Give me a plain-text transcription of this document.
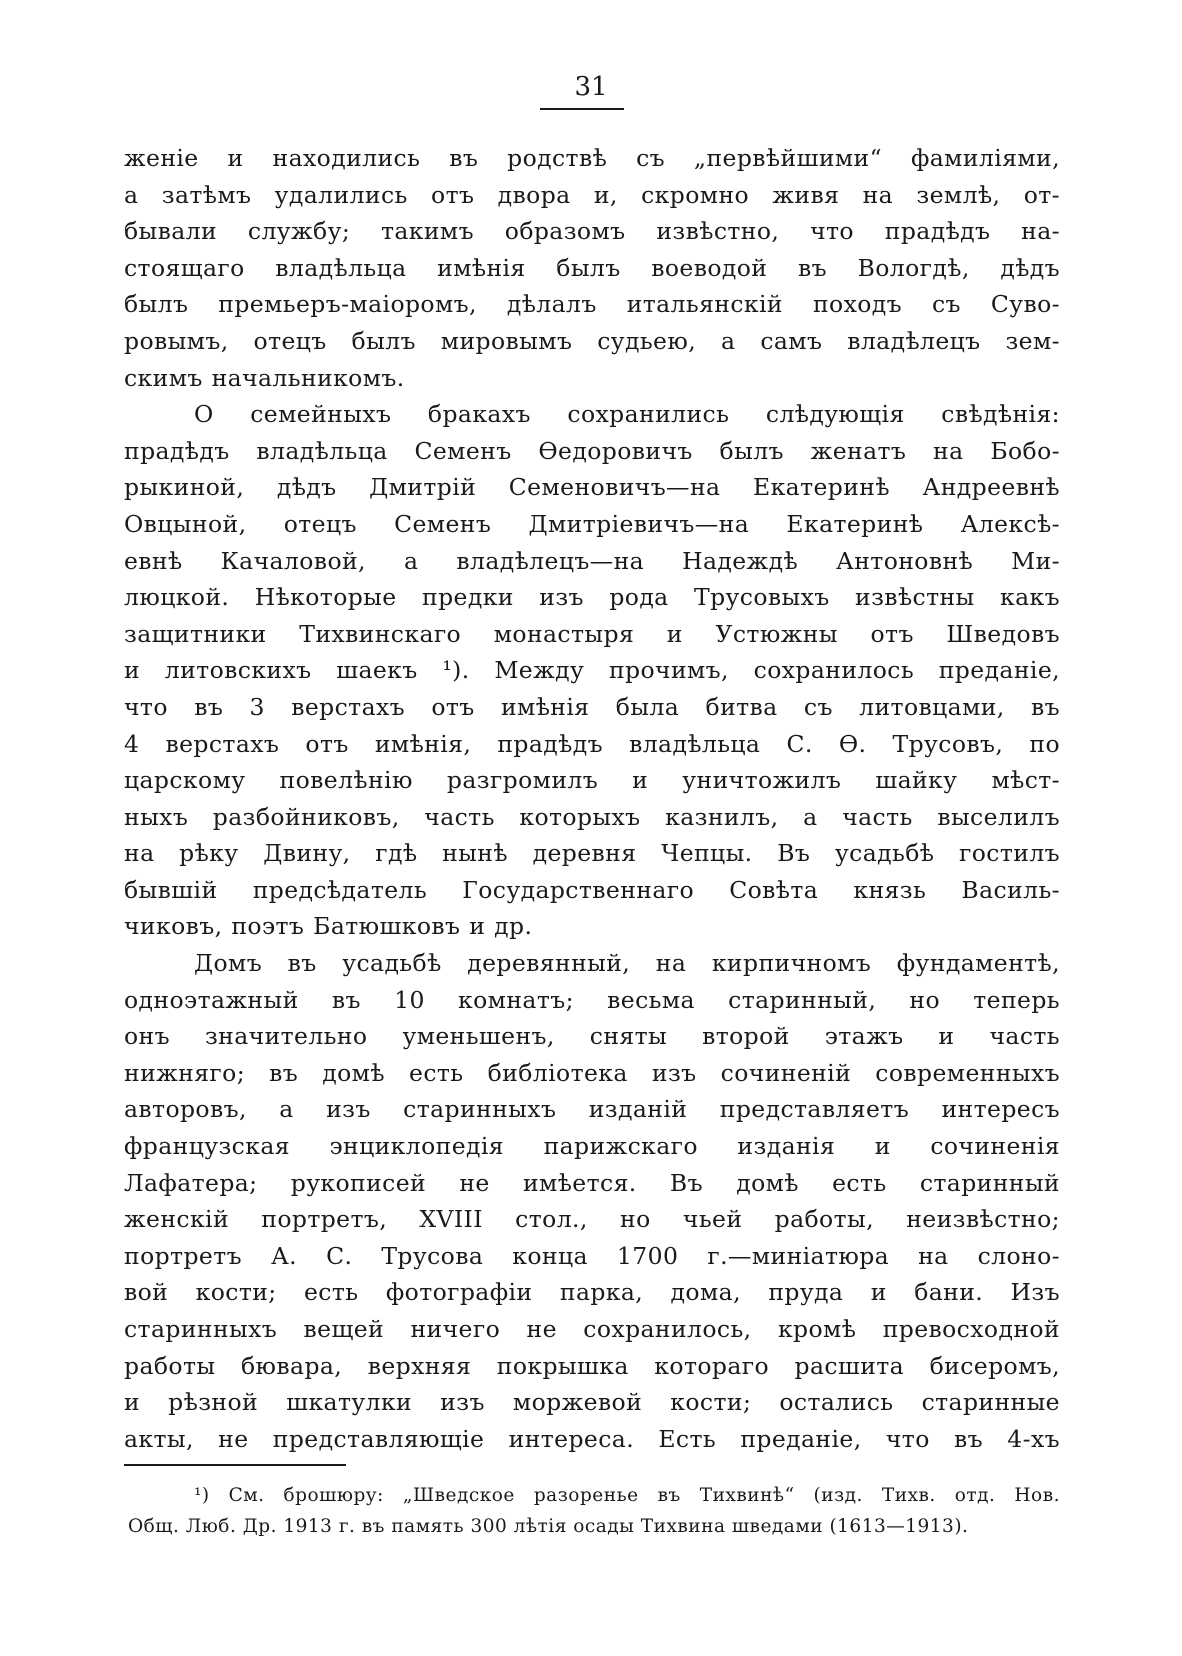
31
женіе и находились въ родствѣ съ „первѣйшими“ фамиліями,
а затѣмъ удалились отъ двора и, скромно живя на землѣ, от-
бывали службу; такимъ образомъ извѣстно, что прадѣдъ на-
стоящаго владѣльца имѣнія былъ воеводой въ Вологдѣ, дѣдъ
былъ премьеръ-маіоромъ, дѣлалъ итальянскій походъ съ Суво-
ровымъ, отецъ былъ мировымъ судьею, а самъ владѣлецъ зем-
скимъ начальникомъ.
О семейныхъ бракахъ сохранились слѣдующія свѣдѣнія:
прадѣдъ владѣльца Семенъ Ѳедоровичъ былъ женатъ на Бобо-
рыкиной, дѣдъ Дмитрій Семеновичъ—на Екатеринѣ Андреевнѣ
Овцыной, отецъ Семенъ Дмитріевичъ—на Екатеринѣ Алексѣ-
евнѣ Качаловой, а владѣлецъ—на Надеждѣ Антоновнѣ Ми-
люцкой. Нѣкоторые предки изъ рода Трусовыхъ извѣстны какъ
защитники Тихвинскаго монастыря и Устюжны отъ Шведовъ
и литовскихъ шаекъ ¹). Между прочимъ, сохранилось преданіе,
что въ 3 верстахъ отъ имѣнія была битва съ литовцами, въ
4 верстахъ отъ имѣнія, прадѣдъ владѣльца С. Ѳ. Трусовъ, по
царскому повелѣнію разгромилъ и уничтожилъ шайку мѣст-
ныхъ разбойниковъ, часть которыхъ казнилъ, а часть выселилъ
на рѣку Двину, гдѣ нынѣ деревня Чепцы. Въ усадьбѣ гостилъ
бывшій предсѣдатель Государственнаго Совѣта князь Василь-
чиковъ, поэтъ Батюшковъ и др.
Домъ въ усадьбѣ деревянный, на кирпичномъ фундаментѣ,
одноэтажный въ 10 комнатъ; весьма старинный, но теперь
онъ значительно уменьшенъ, сняты второй этажъ и часть
нижняго; въ домѣ есть библіотека изъ сочиненій современныхъ
авторовъ, а изъ старинныхъ изданій представляетъ интересъ
французская энциклопедія парижскаго изданія и сочиненія
Лафатера; рукописей не имѣется. Въ домѣ есть старинный
женскій портретъ, XVIII стол., но чьей работы, неизвѣстно;
портретъ А. С. Трусова конца 1700 г.—миніатюра на слоно-
вой кости; есть фотографіи парка, дома, пруда и бани. Изъ
старинныхъ вещей ничего не сохранилось, кромѣ превосходной
работы бювара, верхняя покрышка котораго расшита бисеромъ,
и рѣзной шкатулки изъ моржевой кости; остались старинные
акты, не представляющіе интереса. Есть преданіе, что въ 4-хъ
¹) См. брошюру: „Шведское разоренье въ Тихвинѣ“ (изд. Тихв. отд. Нов.
Общ. Люб. Др. 1913 г. въ память 300 лѣтія осады Тихвина шведами (1613—1913).
